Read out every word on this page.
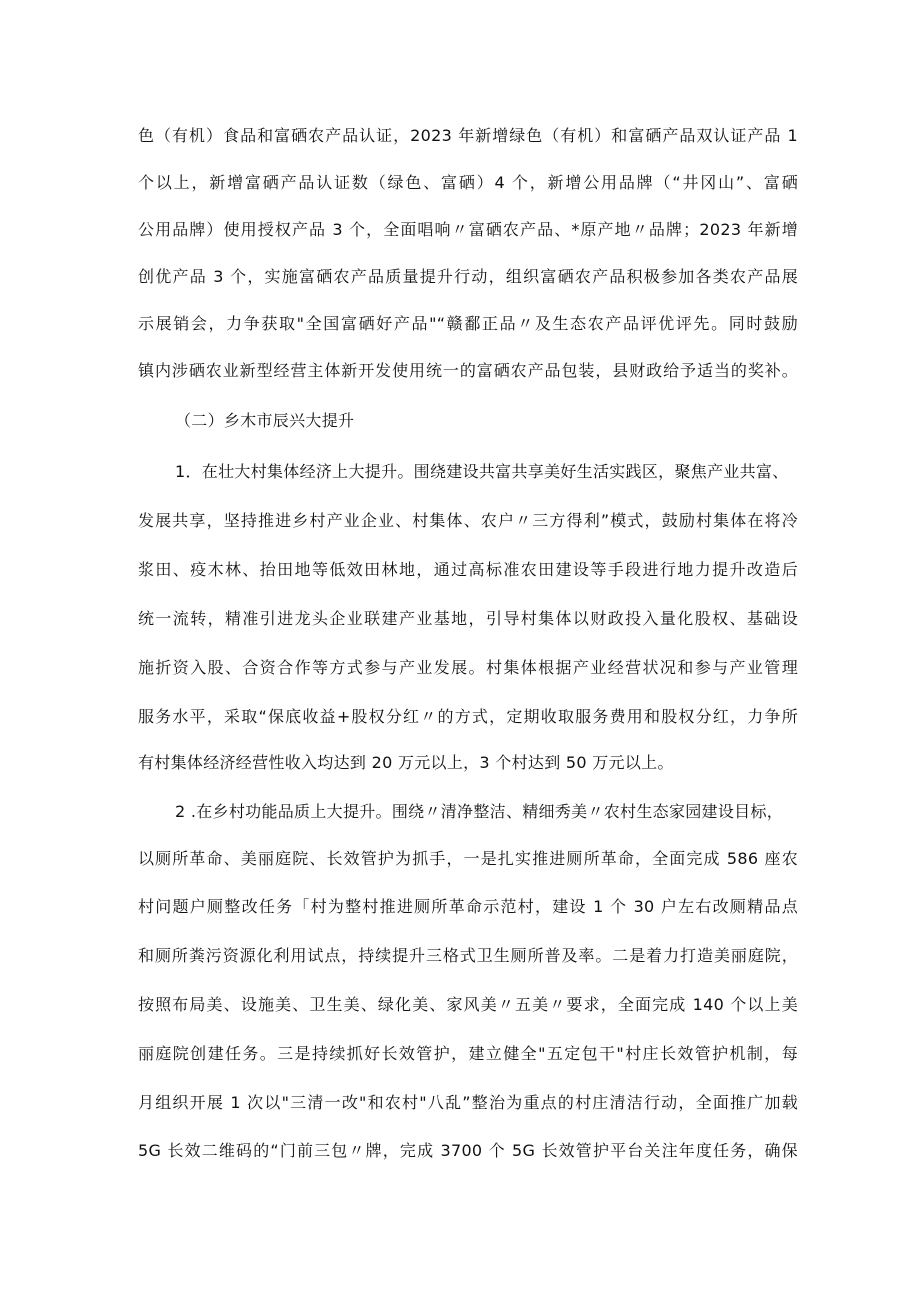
色（有机）食品和富硒农产品认证，2023 年新增绿色（有机）和富硒产品双认证产品 1
个以上，新增富硒产品认证数（绿色、富硒）4 个，新增公用品牌（“井冈山”、富硒
公用品牌）使用授权产品 3 个，全面唱响〃富硒农产品、*原产地〃品牌；2023 年新增
创优产品 3 个，实施富硒农产品质量提升行动，组织富硒农产品积极参加各类农产品展
示展销会，力争获取"全国富硒好产品"“赣鄱正品〃及生态农产品评优评先。同时鼓励
镇内涉硒农业新型经营主体新开发使用统一的富硒农产品包装，县财政给予适当的奖补。
（二）乡木市辰兴大提升
1．在壮大村集体经济上大提升。围绕建设共富共享美好生活实践区，聚焦产业共富、
发展共享，坚持推进乡村产业企业、村集体、农户〃三方得利”模式，鼓励村集体在将冷
浆田、疫木林、抬田地等低效田林地，通过高标准农田建设等手段进行地力提升改造后
统一流转，精准引进龙头企业联建产业基地，引导村集体以财政投入量化股权、基础设
施折资入股、合资合作等方式参与产业发展。村集体根据产业经营状况和参与产业管理
服务水平，采取“保底收益+股权分红〃的方式，定期收取服务费用和股权分红，力争所
有村集体经济经营性收入均达到 20 万元以上，3 个村达到 50 万元以上。
2 .在乡村功能品质上大提升。围绕〃清净整洁、精细秀美〃农村生态家园建设目标，
以厕所革命、美丽庭院、长效管护为抓手，一是扎实推进厕所革命，全面完成 586 座农
村问题户厕整改任务「村为整村推进厕所革命示范村，建设 1 个 30 户左右改厕精品点
和厕所粪污资源化利用试点，持续提升三格式卫生厕所普及率。二是着力打造美丽庭院，
按照布局美、设施美、卫生美、绿化美、家风美〃五美〃要求，全面完成 140 个以上美
丽庭院创建任务。三是持续抓好长效管护，建立健全"五定包干"村庄长效管护机制，每
月组织开展 1 次以"三清一改"和农村"八乱”整治为重点的村庄清洁行动，全面推广加载
5G 长效二维码的“门前三包〃牌，完成 3700 个 5G 长效管护平台关注年度任务，确保
